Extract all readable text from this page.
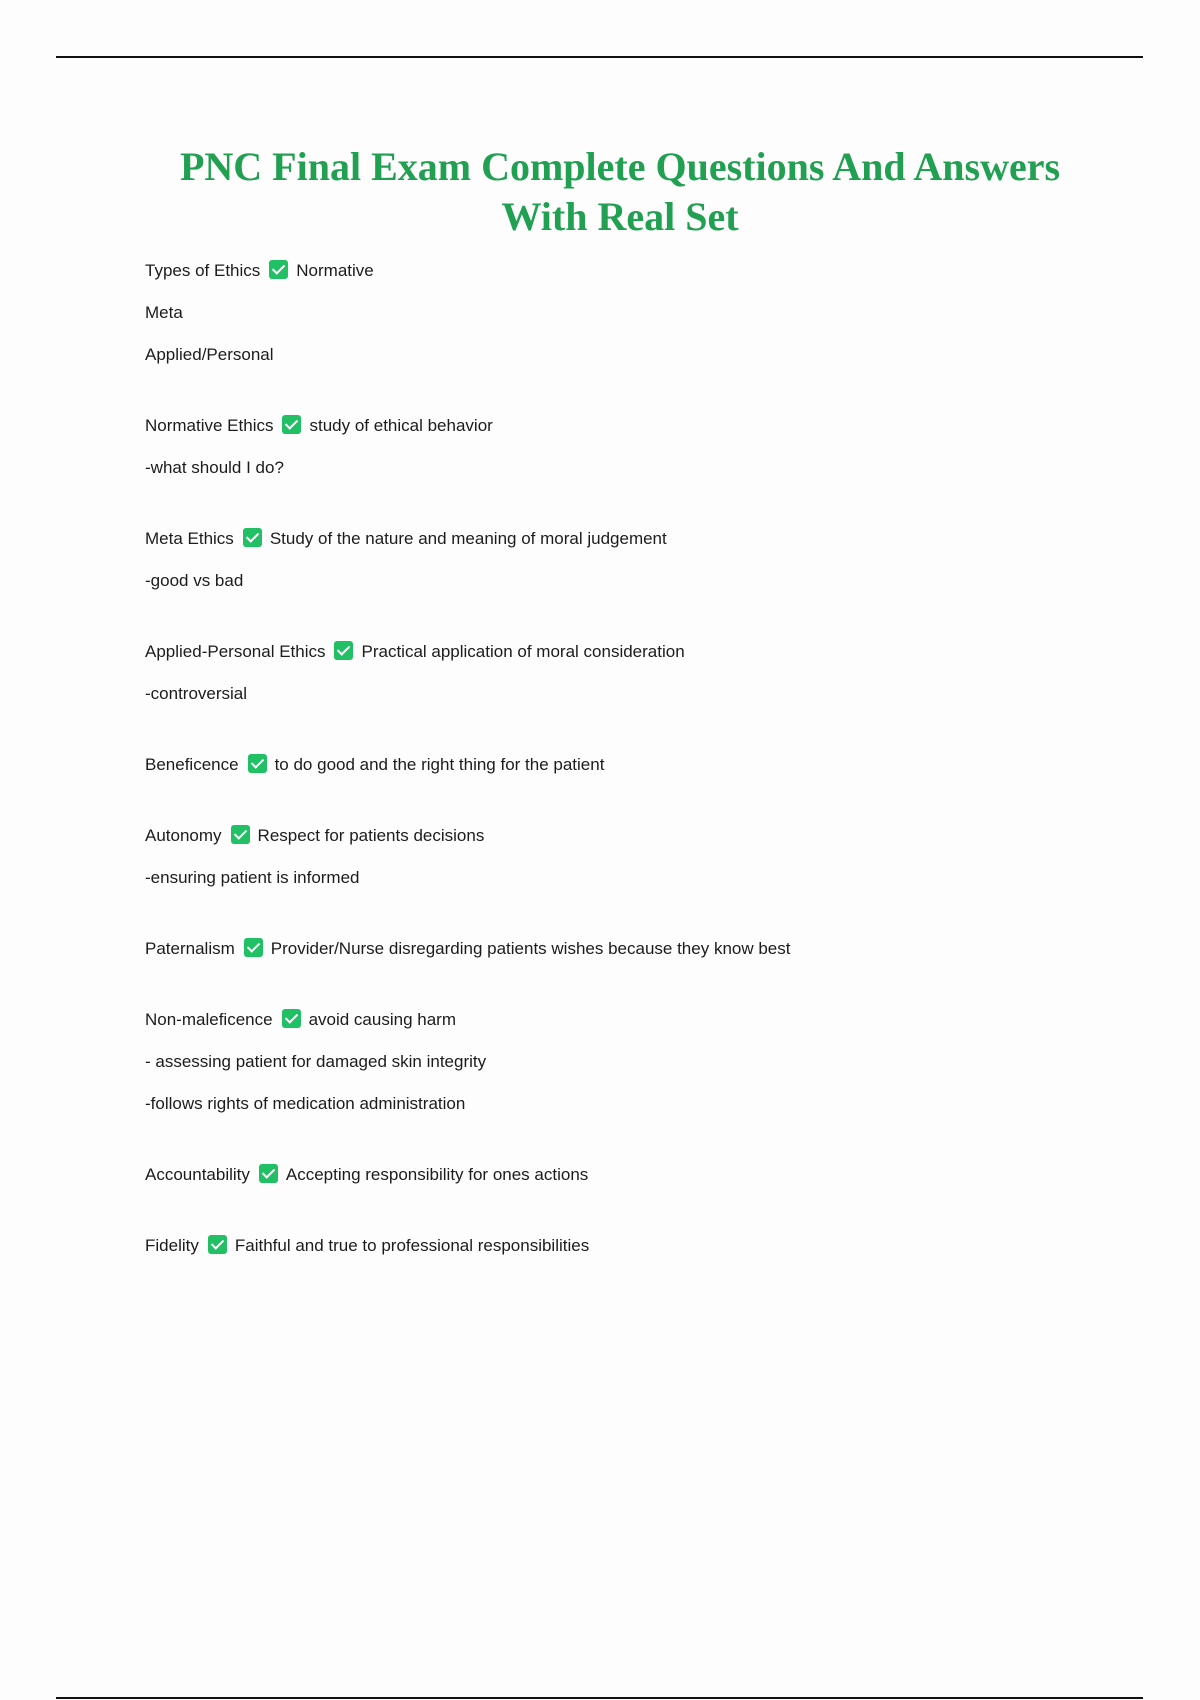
PNC Final Exam Complete Questions And Answers With Real Set
Types of Ethics Normative
Meta
Applied/Personal
Normative Ethics study of ethical behavior
-what should I do?
Meta Ethics Study of the nature and meaning of moral judgement
-good vs bad
Applied-Personal Ethics Practical application of moral consideration
-controversial
Beneficence to do good and the right thing for the patient
Autonomy Respect for patients decisions
-ensuring patient is informed
Paternalism Provider/Nurse disregarding patients wishes because they know best
Non-maleficence avoid causing harm
- assessing patient for damaged skin integrity
-follows rights of medication administration
Accountability Accepting responsibility for ones actions
Fidelity Faithful and true to professional responsibilities
